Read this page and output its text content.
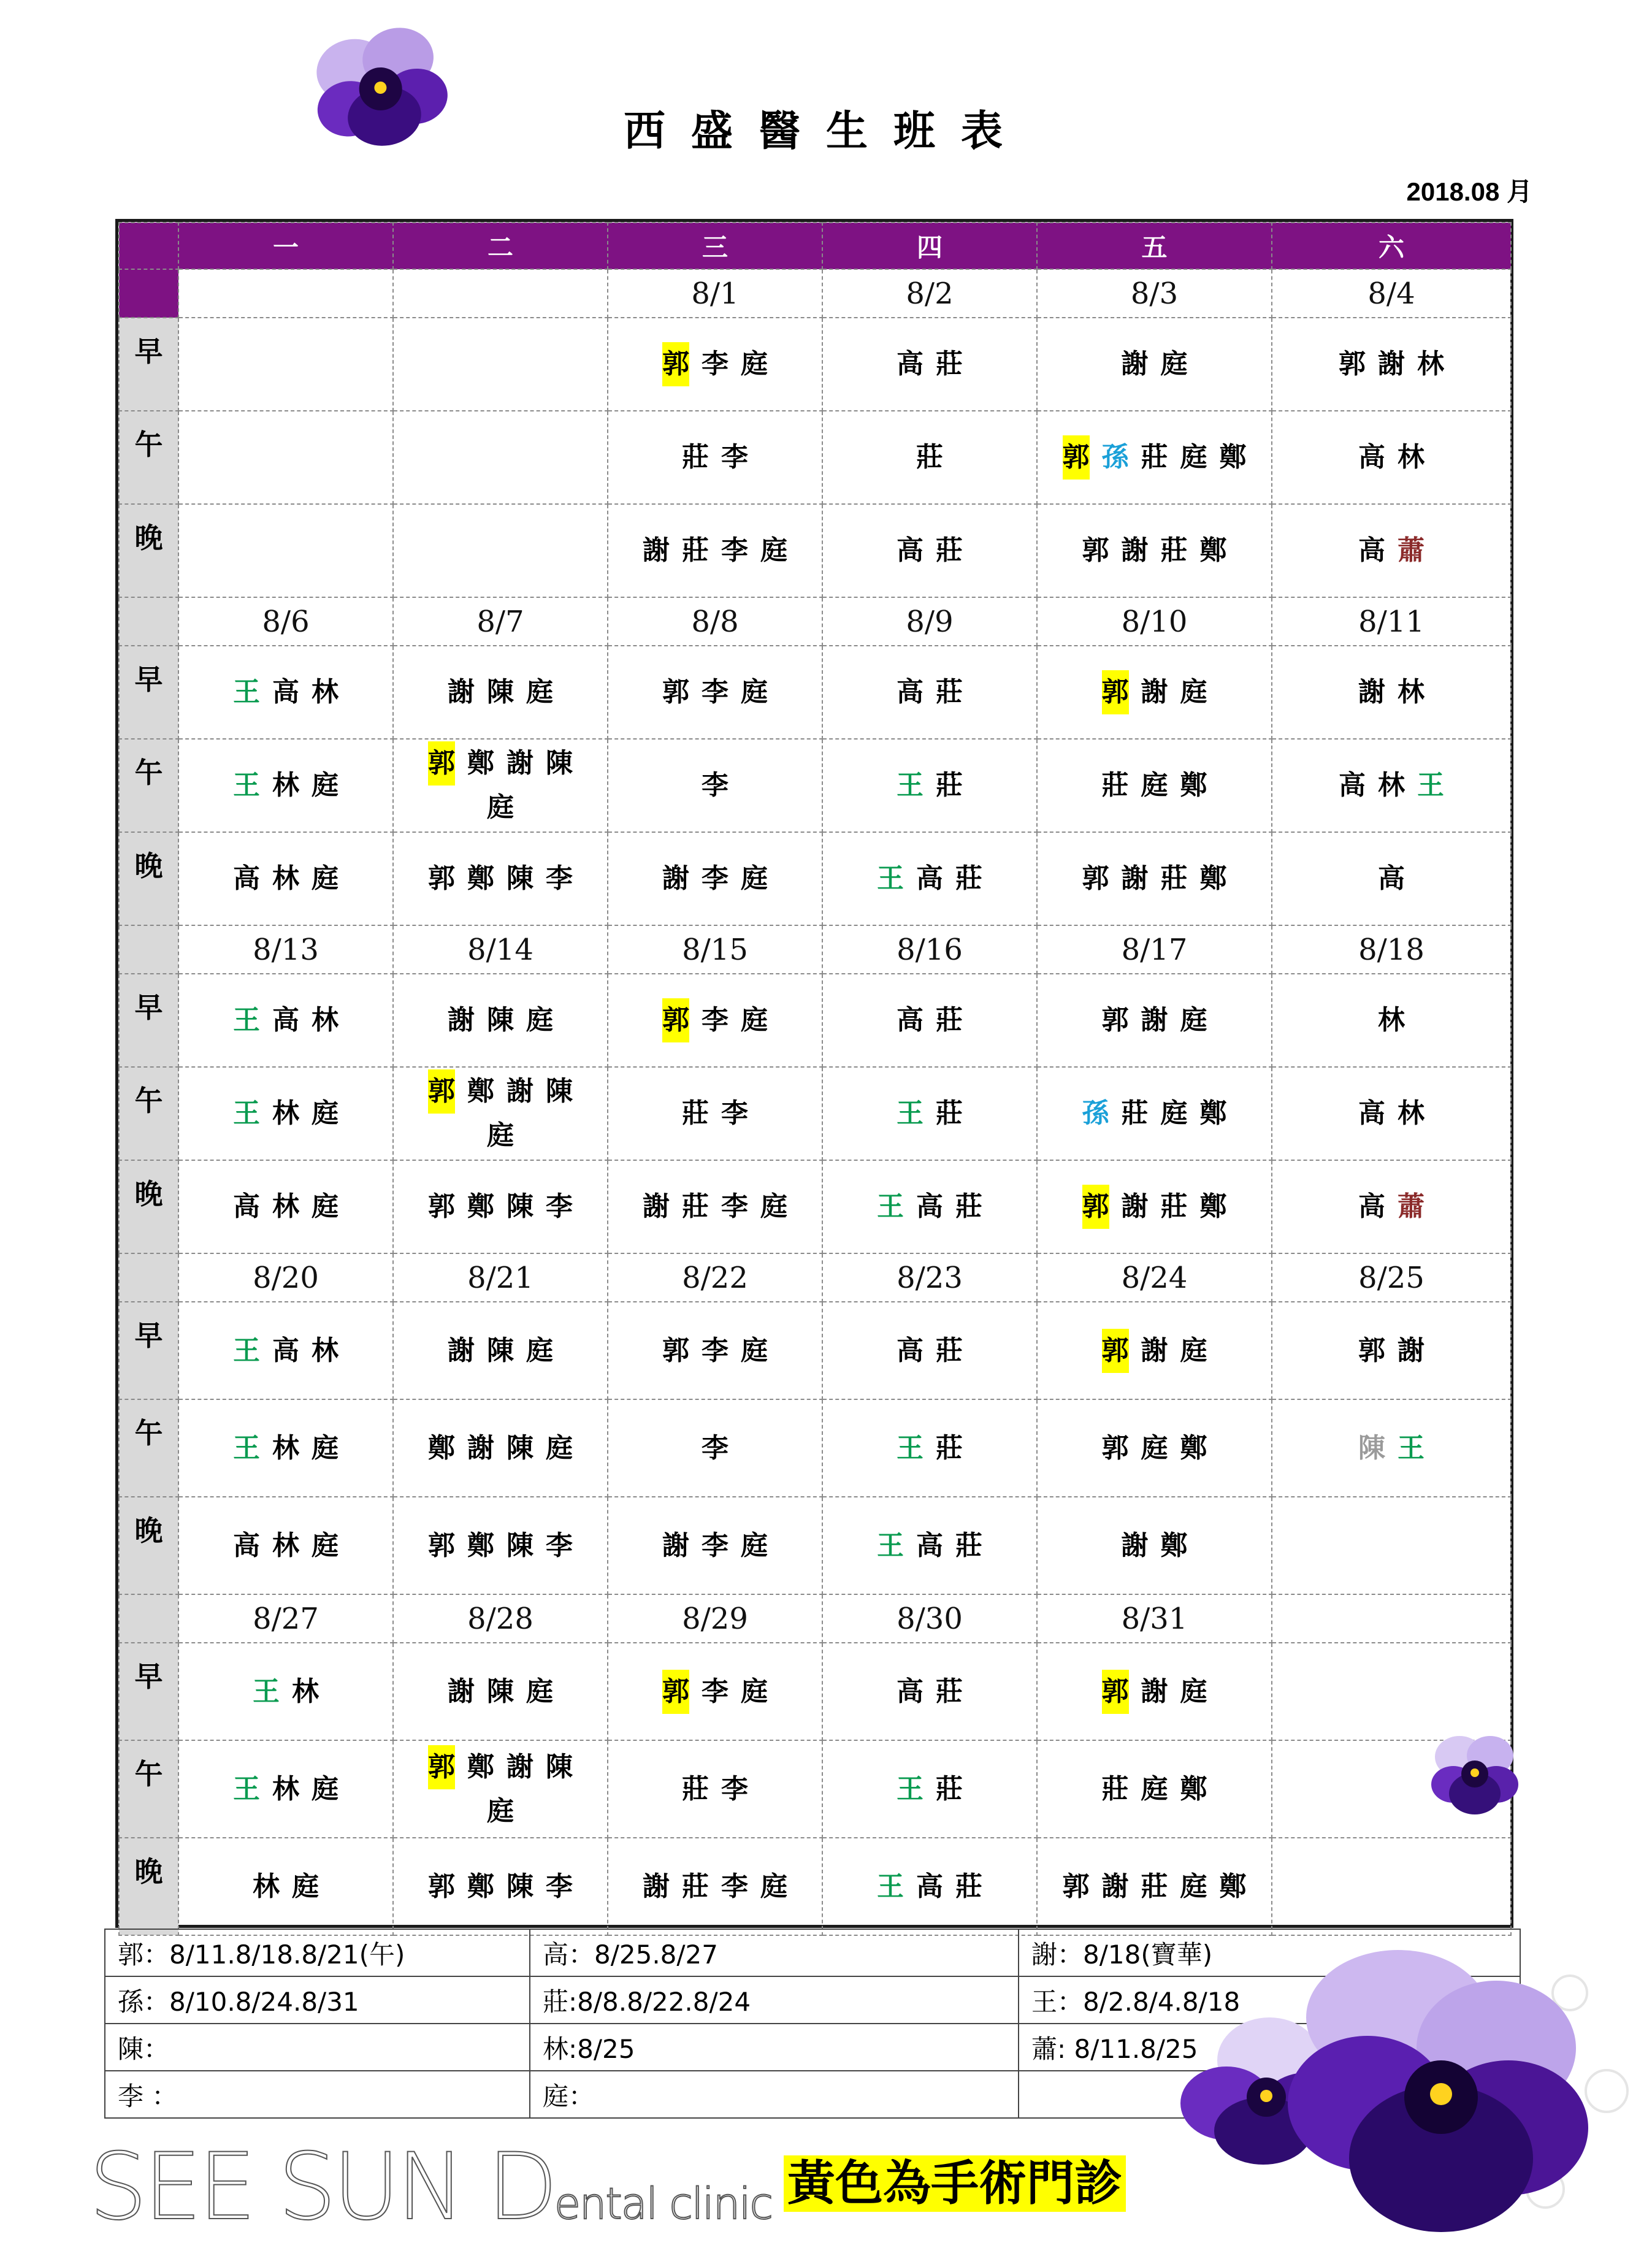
西盛醫生班表
2018.08 月
	一	二	三	四	五	六
			8/1	8/2	8/3	8/4
早			郭 李 庭	高 莊	謝 庭	郭 謝 林
午			莊 李	莊	郭 孫 莊 庭 鄭	高 林
晚			謝 莊 李 庭	高 莊	郭 謝 莊 鄭	高 蕭
	8/6	8/7	8/8	8/9	8/10	8/11
早	王 高 林	謝 陳 庭	郭 李 庭	高 莊	郭 謝 庭	謝 林
午	王 林 庭	郭 鄭 謝 陳庭	李	王 莊	莊 庭 鄭	高 林 王
晚	高 林 庭	郭 鄭 陳 李	謝 李 庭	王 高 莊	郭 謝 莊 鄭	高
	8/13	8/14	8/15	8/16	8/17	8/18
早	王 高 林	謝 陳 庭	郭 李 庭	高 莊	郭 謝 庭	林
午	王 林 庭	郭 鄭 謝 陳庭	莊 李	王 莊	孫 莊 庭 鄭	高 林
晚	高 林 庭	郭 鄭 陳 李	謝 莊 李 庭	王 高 莊	郭 謝 莊 鄭	高 蕭
	8/20	8/21	8/22	8/23	8/24	8/25
早	王 高 林	謝 陳 庭	郭 李 庭	高 莊	郭 謝 庭	郭 謝
午	王 林 庭	鄭 謝 陳 庭	李	王 莊	郭 庭 鄭	陳 王
晚	高 林 庭	郭 鄭 陳 李	謝 李 庭	王 高 莊	謝 鄭	
	8/27	8/28	8/29	8/30	8/31	
早	王 林	謝 陳 庭	郭 李 庭	高 莊	郭 謝 庭	
午	王 林 庭	郭 鄭 謝 陳庭	莊 李	王 莊	莊 庭 鄭	
晚	林 庭	郭 鄭 陳 李	謝 莊 李 庭	王 高 莊	郭 謝 莊 庭 鄭	
郭：8/11.8/18.8/21(午)	高：8/25.8/27	謝：8/18(寶華)
孫：8/10.8/24.8/31	莊:8/8.8/22.8/24	王：8/2.8/4.8/18
陳：	林:8/25	蕭: 8/11.8/25
李 ：	庭：	
SEE SUN Dental clinic 黃色為手術門診
